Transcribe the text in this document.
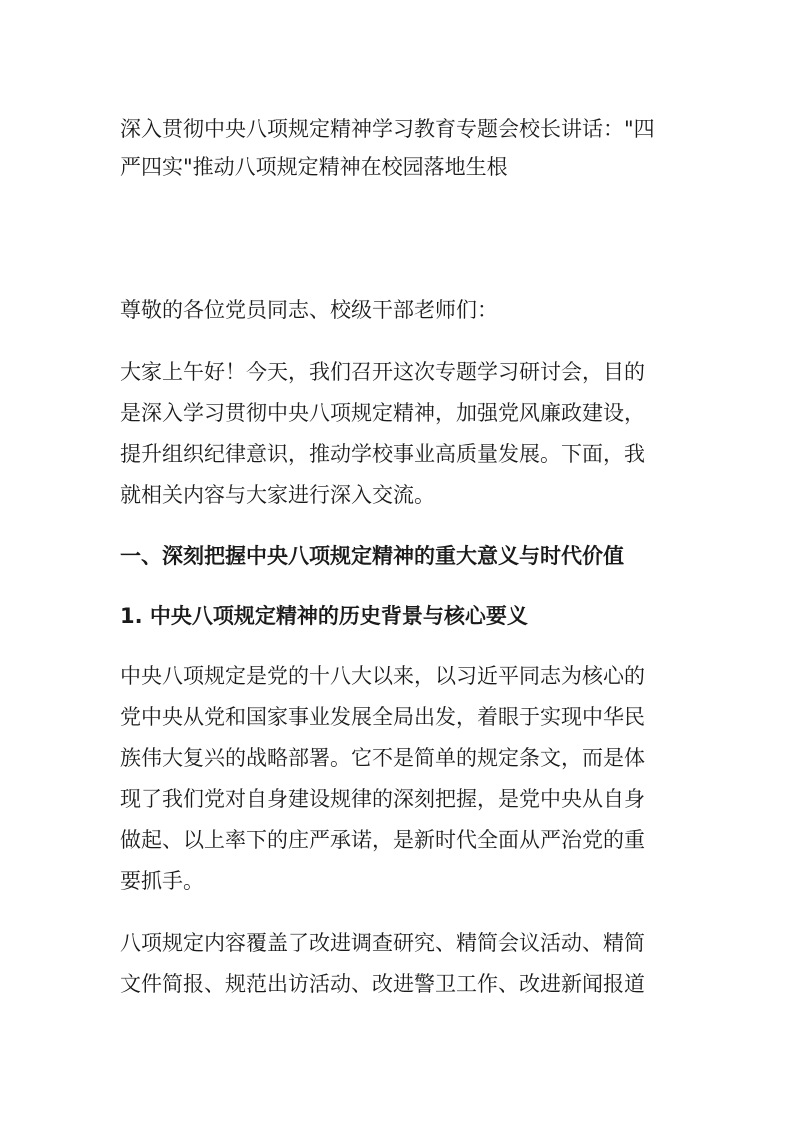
深入贯彻中央八项规定精神学习教育专题会校长讲话："四
严四实"推动八项规定精神在校园落地生根
尊敬的各位党员同志、校级干部老师们：
大家上午好！今天，我们召开这次专题学习研讨会，目的
是深入学习贯彻中央八项规定精神，加强党风廉政建设，
提升组织纪律意识，推动学校事业高质量发展。下面，我
就相关内容与大家进行深入交流。
一、深刻把握中央八项规定精神的重大意义与时代价值
1. 中央八项规定精神的历史背景与核心要义
中央八项规定是党的十八大以来，以习近平同志为核心的
党中央从党和国家事业发展全局出发，着眼于实现中华民
族伟大复兴的战略部署。它不是简单的规定条文，而是体
现了我们党对自身建设规律的深刻把握，是党中央从自身
做起、以上率下的庄严承诺，是新时代全面从严治党的重
要抓手。
八项规定内容覆盖了改进调查研究、精简会议活动、精简
文件简报、规范出访活动、改进警卫工作、改进新闻报道
